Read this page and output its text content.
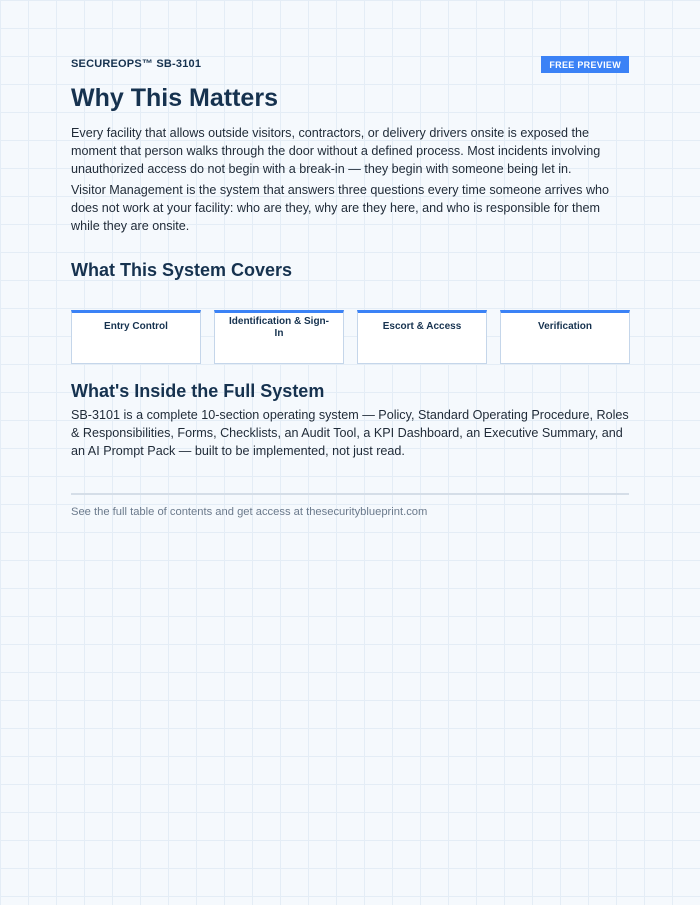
SECUREOPS™ SB-3101	FREE PREVIEW
Why This Matters

Every facility that allows outside visitors, contractors, or delivery drivers onsite is exposed the moment that person walks through the door without a defined process. Most incidents involving unauthorized access do not begin with a break-in — they begin with someone being let in.

Visitor Management is the system that answers three questions every time someone arrives who does not work at your facility: who are they, why are they here, and who is responsible for them while they are onsite.

What This System Covers
Entry Control	Identification & Sign-In
Escort & Access	Verification
What's Inside the Full System

SB-3101 is a complete 10-section operating system — Policy, Standard Operating Procedure, Roles & Responsibilities, Forms, Checklists, an Audit Tool, a KPI Dashboard, an Executive Summary, and an AI Prompt Pack — built to be implemented, not just read.

See the full table of contents and get access at thesecurityblueprint.com
